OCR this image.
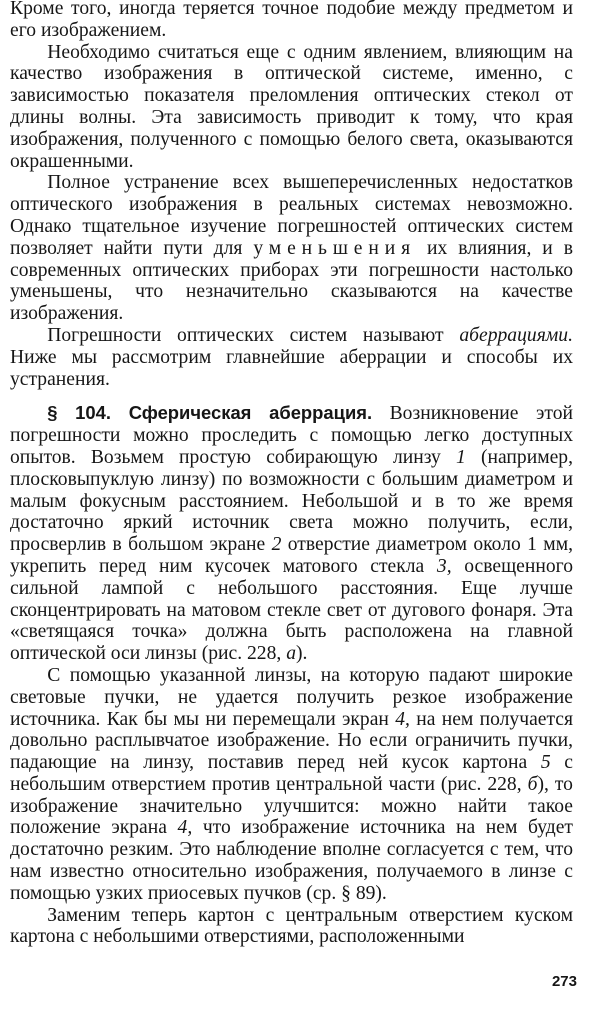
Кроме того, иногда теряется точное подобие между предметом и его изображением.

Необходимо считаться еще с одним явлением, влияющим на качество изображения в оптической системе, именно, с зависимостью показателя преломления оптических стекол от длины волны. Эта зависимость приводит к тому, что края изображения, полученного с помощью белого света, оказываются окрашенными.

Полное устранение всех вышеперечисленных недостатков оптического изображения в реальных системах невозможно. Однако тщательное изучение погрешностей оптических систем позволяет найти пути для уменьшения их влияния, и в современных оптических приборах эти погрешности настолько уменьшены, что незначительно сказываются на качестве изображения.

Погрешности оптических систем называют аберрациями. Ниже мы рассмотрим главнейшие аберрации и способы их устранения.

§ 104. Сферическая аберрация. Возникновение этой погрешности можно проследить с помощью легко доступных опытов. Возьмем простую собирающую линзу 1 (например, плосковыпуклую линзу) по возможности с большим диаметром и малым фокусным расстоянием. Небольшой и в то же время достаточно яркий источник света можно получить, если, просверлив в большом экране 2 отверстие диаметром около 1 мм, укрепить перед ним кусочек матового стекла 3, освещенного сильной лампой с небольшого расстояния. Еще лучше сконцентрировать на матовом стекле свет от дугового фонаря. Эта «светящаяся точка» должна быть расположена на главной оптической оси линзы (рис. 228, а).

С помощью указанной линзы, на которую падают широкие световые пучки, не удается получить резкое изображение источника. Как бы мы ни перемещали экран 4, на нем получается довольно расплывчатое изображение. Но если ограничить пучки, падающие на линзу, поставив перед ней кусок картона 5 с небольшим отверстием против центральной части (рис. 228, б), то изображение значительно улучшится: можно найти такое положение экрана 4, что изображение источника на нем будет достаточно резким. Это наблюдение вполне согласуется с тем, что нам известно относительно изображения, получаемого в линзе с помощью узких приосевых пучков (ср. § 89).

Заменим теперь картон с центральным отверстием куском картона с небольшими отверстиями, расположенными

273
